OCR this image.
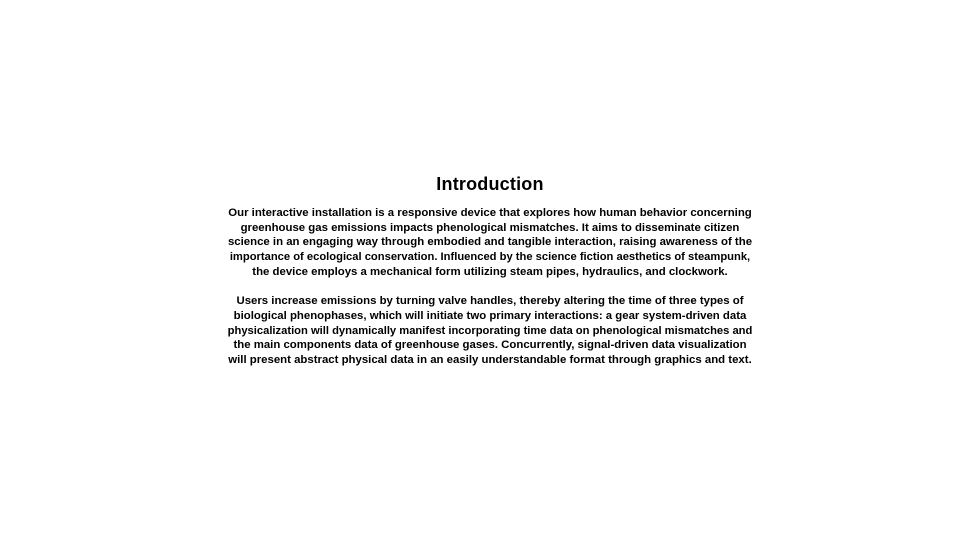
Introduction

Our interactive installation is a responsive device that explores how human behavior concerning
greenhouse gas emissions impacts phenological mismatches. It aims to disseminate citizen
science in an engaging way through embodied and tangible interaction, raising awareness of the
importance of ecological conservation. Influenced by the science fiction aesthetics of steampunk,
the device employs a mechanical form utilizing steam pipes, hydraulics, and clockwork.

Users increase emissions by turning valve handles, thereby altering the time of three types of
biological phenophases, which will initiate two primary interactions: a gear system-driven data
physicalization will dynamically manifest incorporating time data on phenological mismatches and
the main components data of greenhouse gases. Concurrently, signal-driven data visualization
will present abstract physical data in an easily understandable format through graphics and text.
